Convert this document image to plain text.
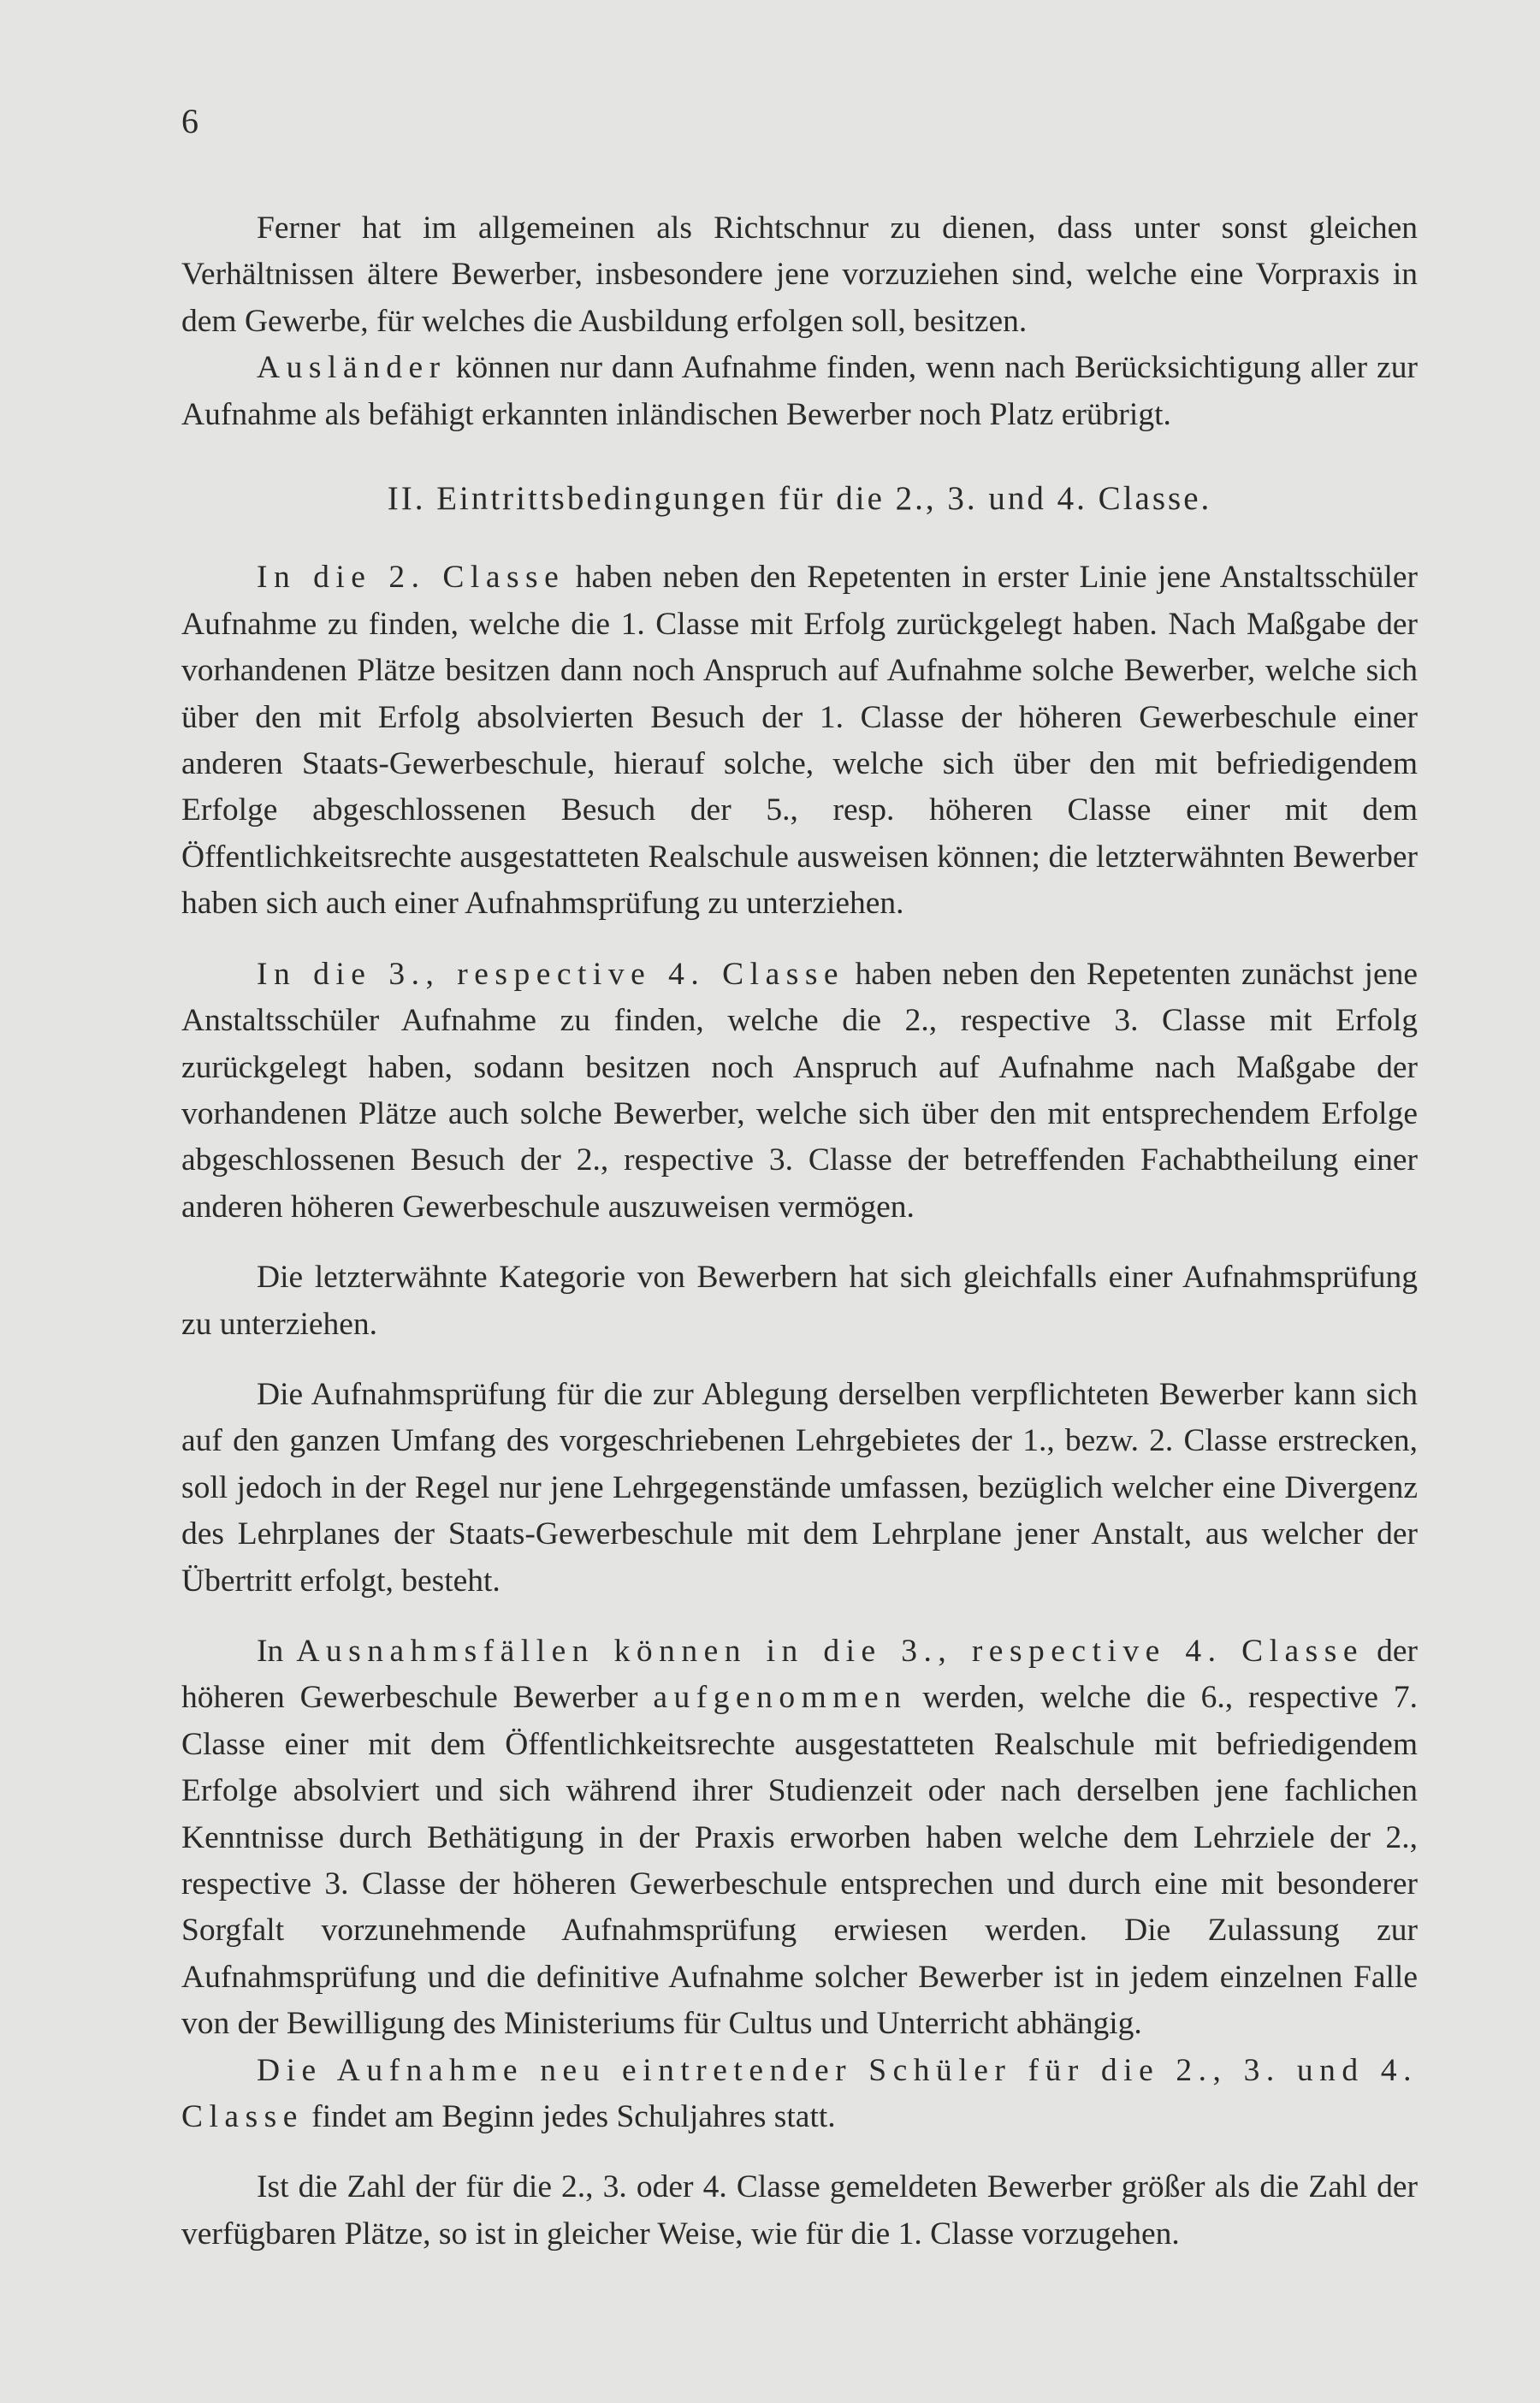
6

Ferner hat im allgemeinen als Richtschnur zu dienen, dass unter sonst gleichen Verhältnissen ältere Bewerber, insbesondere jene vorzuziehen sind, welche eine Vorpraxis in dem Gewerbe, für welches die Ausbildung erfolgen soll, besitzen.

Ausländer können nur dann Aufnahme finden, wenn nach Berücksichtigung aller zur Aufnahme als befähigt erkannten inländischen Bewerber noch Platz erübrigt.

II. Eintrittsbedingungen für die 2., 3. und 4. Classe.

In die 2. Classe haben neben den Repetenten in erster Linie jene Anstaltsschüler Aufnahme zu finden, welche die 1. Classe mit Erfolg zurückgelegt haben. Nach Maßgabe der vorhandenen Plätze besitzen dann noch Anspruch auf Aufnahme solche Bewerber, welche sich über den mit Erfolg absolvierten Besuch der 1. Classe der höheren Gewerbeschule einer anderen Staats-Gewerbeschule, hierauf solche, welche sich über den mit befriedigendem Erfolge abgeschlossenen Besuch der 5., resp. höheren Classe einer mit dem Öffentlichkeitsrechte ausgestatteten Realschule ausweisen können; die letzterwähnten Bewerber haben sich auch einer Aufnahmsprüfung zu unterziehen.

In die 3., respective 4. Classe haben neben den Repetenten zunächst jene Anstaltsschüler Aufnahme zu finden, welche die 2., respective 3. Classe mit Erfolg zurückgelegt haben, sodann besitzen noch Anspruch auf Aufnahme nach Maßgabe der vorhandenen Plätze auch solche Bewerber, welche sich über den mit entsprechendem Erfolge abgeschlossenen Besuch der 2., respective 3. Classe der betreffenden Fachabtheilung einer anderen höheren Gewerbeschule auszuweisen vermögen.

Die letzterwähnte Kategorie von Bewerbern hat sich gleichfalls einer Aufnahmsprüfung zu unterziehen.

Die Aufnahmsprüfung für die zur Ablegung derselben verpflichteten Bewerber kann sich auf den ganzen Umfang des vorgeschriebenen Lehrgebietes der 1., bezw. 2. Classe erstrecken, soll jedoch in der Regel nur jene Lehrgegenstände umfassen, bezüglich welcher eine Divergenz des Lehrplanes der Staats-Gewerbeschule mit dem Lehrplane jener Anstalt, aus welcher der Übertritt erfolgt, besteht.

In Ausnahmsfällen können in die 3., respective 4. Classe der höheren Gewerbeschule Bewerber aufgenommen werden, welche die 6., respective 7. Classe einer mit dem Öffentlichkeitsrechte ausgestatteten Realschule mit befriedigendem Erfolge absolviert und sich während ihrer Studienzeit oder nach derselben jene fachlichen Kenntnisse durch Bethätigung in der Praxis erworben haben welche dem Lehrziele der 2., respective 3. Classe der höheren Gewerbeschule entsprechen und durch eine mit besonderer Sorgfalt vorzunehmende Aufnahmsprüfung erwiesen werden. Die Zulassung zur Aufnahmsprüfung und die definitive Aufnahme solcher Bewerber ist in jedem einzelnen Falle von der Bewilligung des Ministeriums für Cultus und Unterricht abhängig.

Die Aufnahme neu eintretender Schüler für die 2., 3. und 4. Classe findet am Beginn jedes Schuljahres statt.

Ist die Zahl der für die 2., 3. oder 4. Classe gemeldeten Bewerber größer als die Zahl der verfügbaren Plätze, so ist in gleicher Weise, wie für die 1. Classe vorzugehen.
